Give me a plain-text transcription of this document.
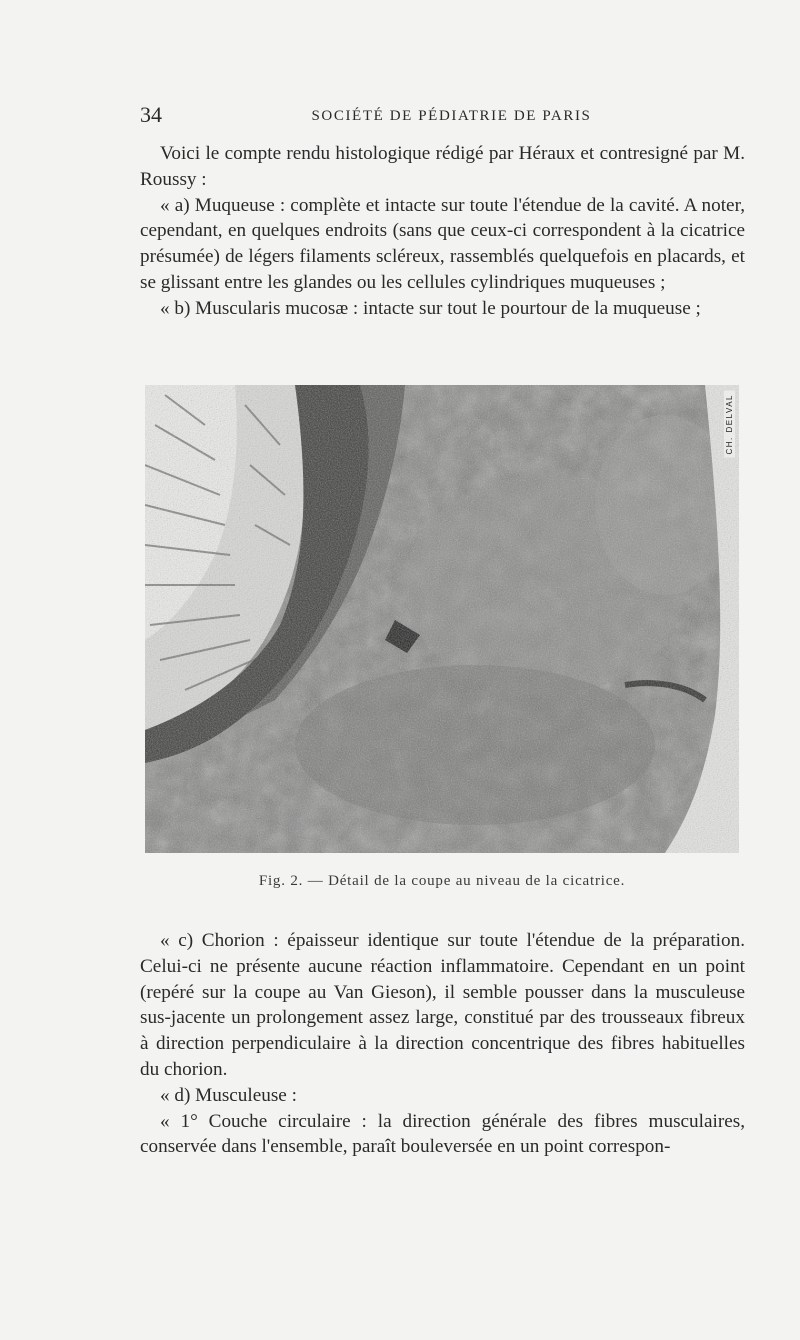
34	SOCIÉTÉ DE PÉDIATRIE DE PARIS

Voici le compte rendu histologique rédigé par Héraux et contresigné par M. Roussy :

« a) Muqueuse : complète et intacte sur toute l'étendue de la cavité. A noter, cependant, en quelques endroits (sans que ceux-ci correspondent à la cicatrice présumée) de légers filaments scléreux, rassemblés quelquefois en placards, et se glissant entre les glandes ou les cellules cylindriques muqueuses ;

« b) Muscularis mucosæ : intacte sur tout le pourtour de la muqueuse ;

CH. DELVAL
Fig. 2. — Détail de la coupe au niveau de la cicatrice.

« c) Chorion : épaisseur identique sur toute l'étendue de la préparation. Celui-ci ne présente aucune réaction inflammatoire. Cependant en un point (repéré sur la coupe au Van Gieson), il semble pousser dans la musculeuse sus-jacente un prolongement assez large, constitué par des trousseaux fibreux à direction perpendiculaire à la direction concentrique des fibres habituelles du chorion.

« d) Musculeuse :

« 1° Couche circulaire : la direction générale des fibres musculaires, conservée dans l'ensemble, paraît bouleversée en un point correspon-
